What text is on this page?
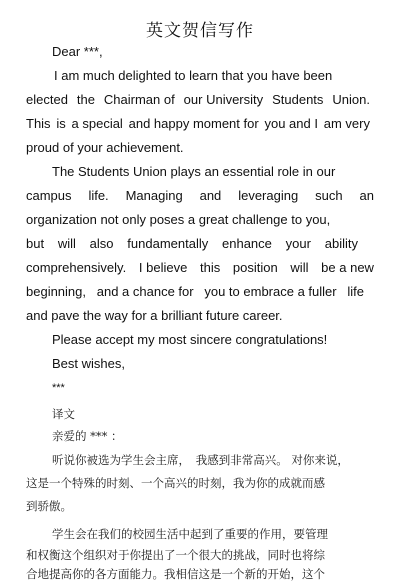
英文贺信写作
Dear ***,
I am much delighted to learn that you have been
elected the Chairman of our University Students Union.
This is a special and happy moment for you and I am very
proud of your achievement.
The Students Union plays an essential role in our
campus life. Managing and leveraging such an
organization not only poses a great challenge to you,
but will also fundamentally enhance your ability
comprehensively. I believe this position will be a new
beginning, and a chance for you to embrace a fuller life
and pave the way for a brilliant future career.
Please accept my most sincere congratulations!
Best wishes,
***
译文
亲爱的 *** ：
听说你被选为学生会主席，　我感到非常高兴。 对你来说，
这是一个特殊的时刻、一个高兴的时刻，我为你的成就而感
到骄傲。
学生会在我们的校园生活中起到了重要的作用，要管理
和权衡这个组织对于你提出了一个很大的挑战，同时也将综
合地提高你的各方面能力。我相信这是一个新的开始，这个
